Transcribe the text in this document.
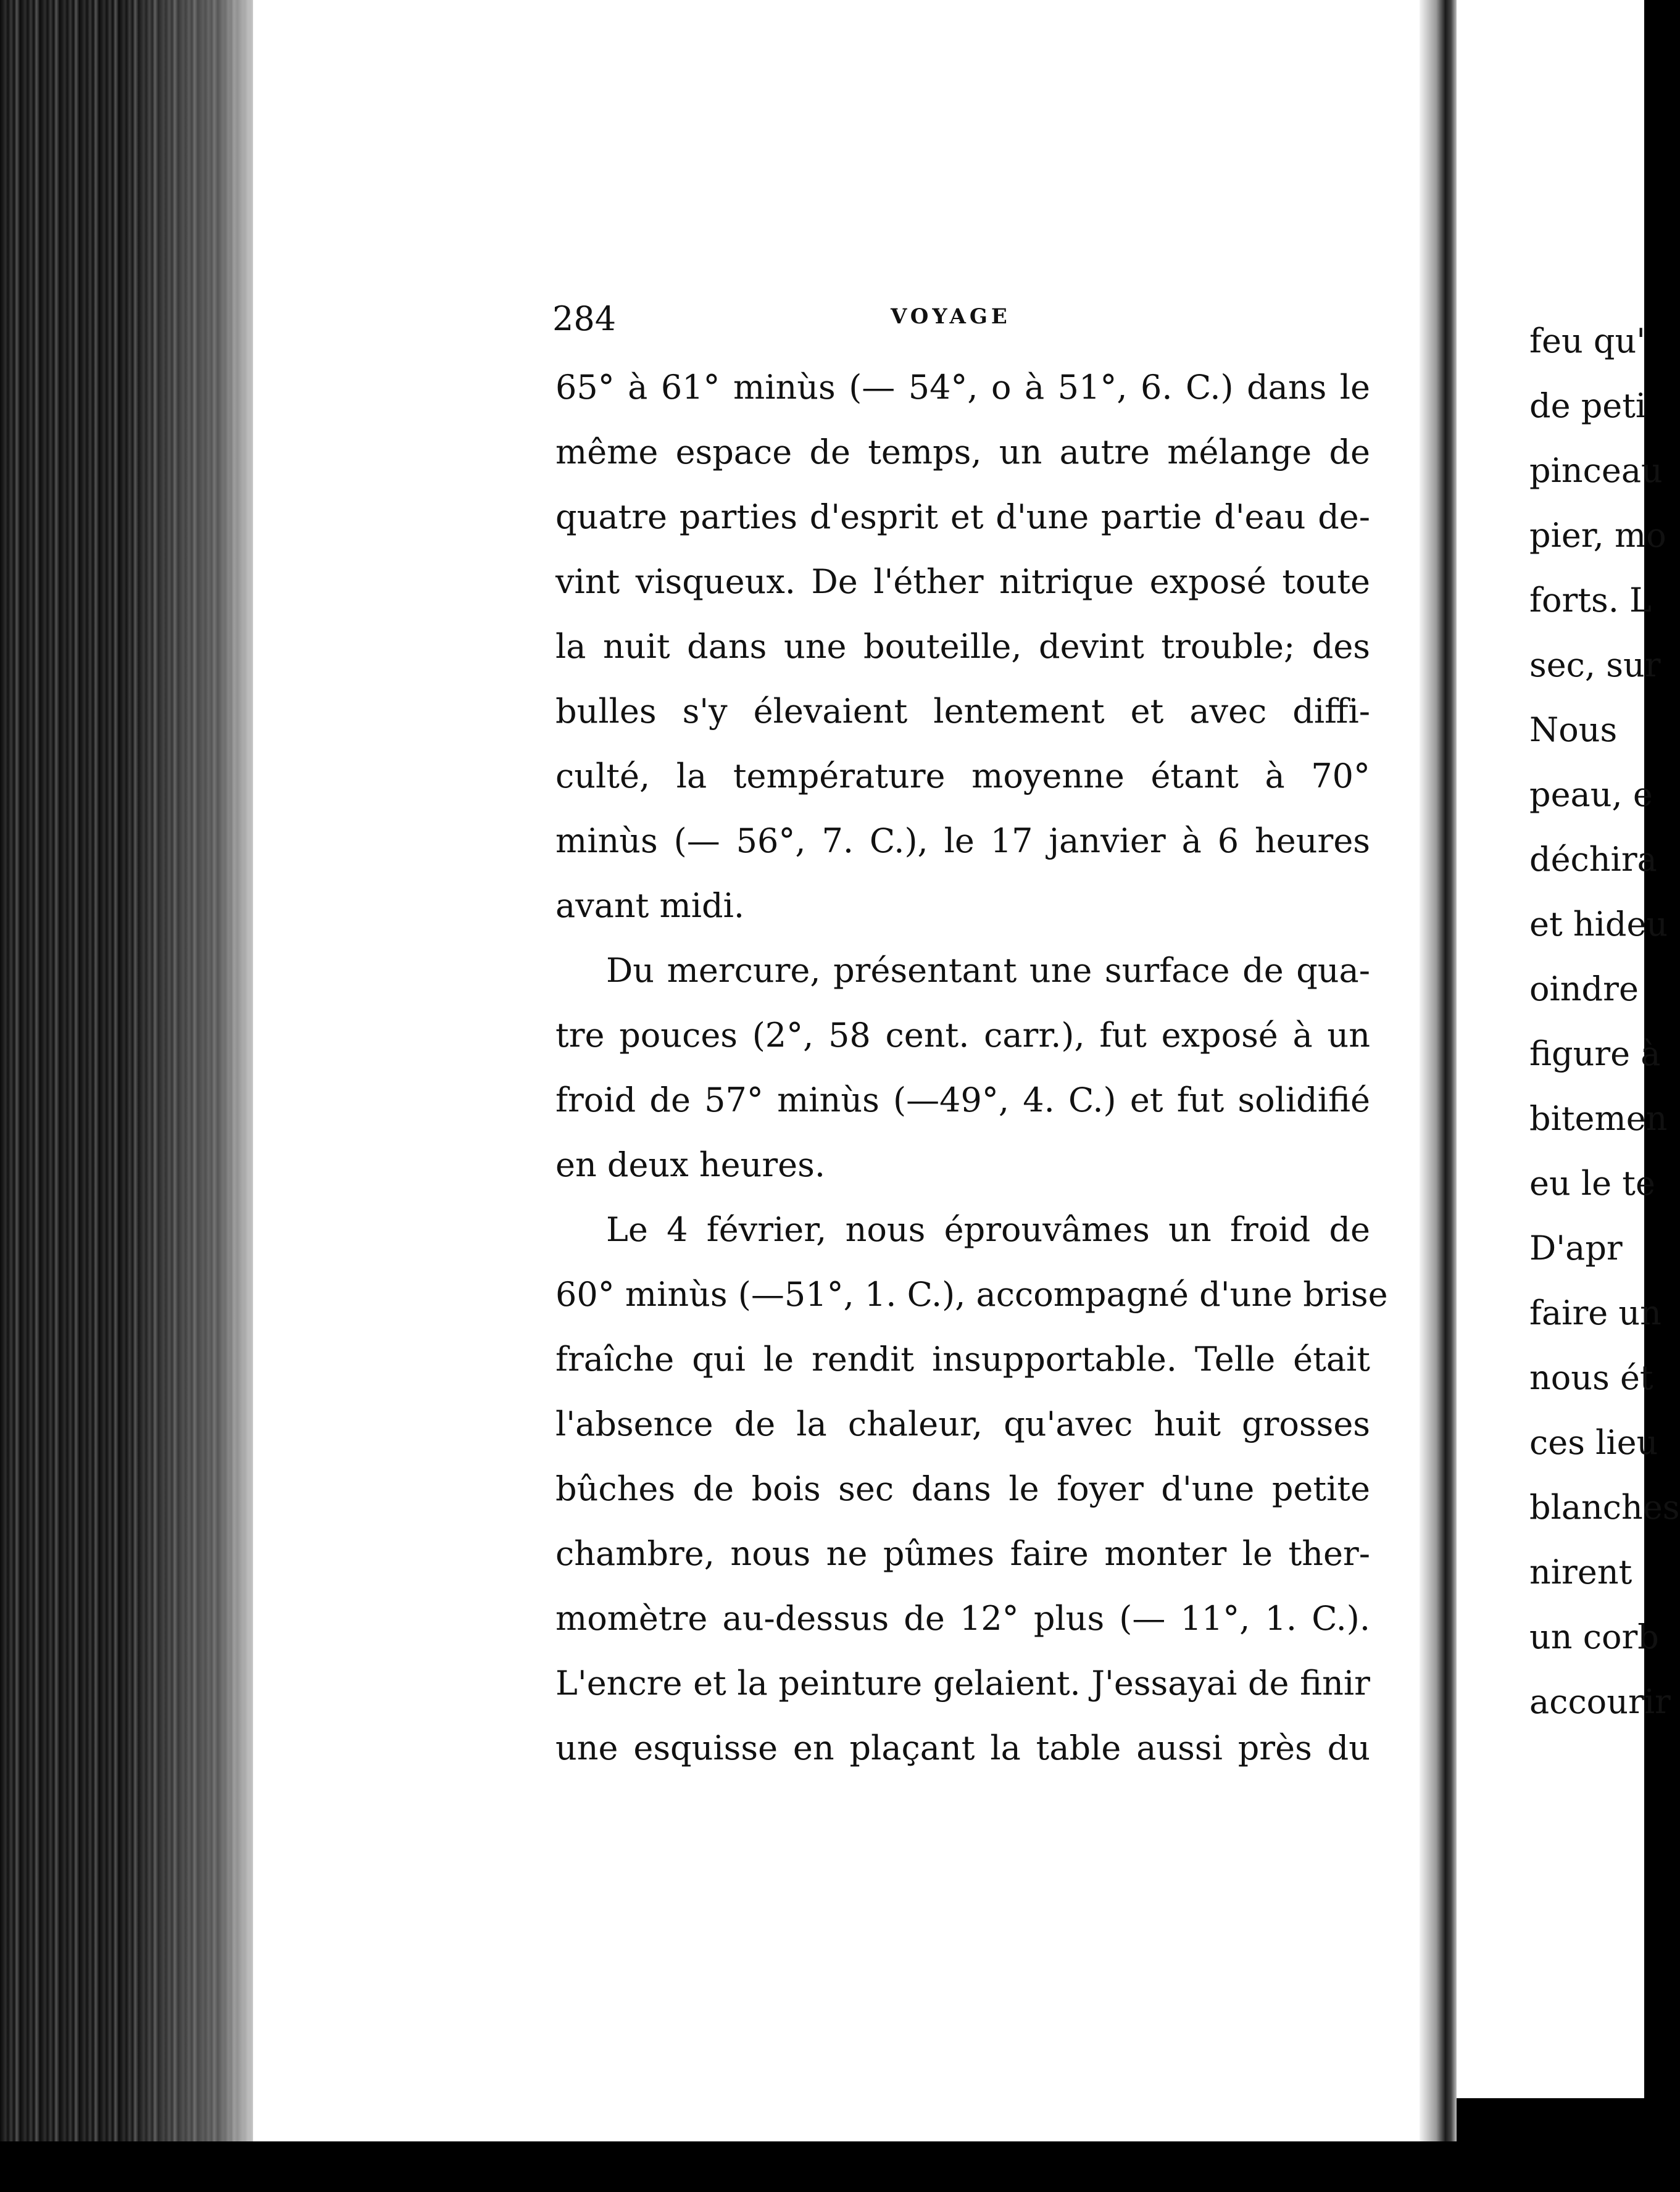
284	VOYAGE
65° à 61° minùs (— 54°, o à 51°, 6. C.) dans le
même espace de temps, un autre mélange de
quatre parties d'esprit et d'une partie d'eau de-
vint visqueux. De l'éther nitrique exposé toute
la nuit dans une bouteille, devint trouble; des
bulles s'y élevaient lentement et avec diffi-
culté, la température moyenne étant à 70°
minùs (— 56°, 7. C.), le 17 janvier à 6 heures
avant midi.
Du mercure, présentant une surface de qua-
tre pouces (2°, 58 cent. carr.), fut exposé à un
froid de 57° minùs (—49°, 4. C.) et fut solidifié
en deux heures.
Le 4 février, nous éprouvâmes un froid de
60° minùs (—51°, 1. C.), accompagné d'une brise
fraîche qui le rendit insupportable. Telle était
l'absence de la chaleur, qu'avec huit grosses
bûches de bois sec dans le foyer d'une petite
chambre, nous ne pûmes faire monter le ther-
momètre au-dessus de 12° plus (— 11°, 1. C.).
L'encre et la peinture gelaient. J'essayai de finir
une esquisse en plaçant la table aussi près du
feu qu'
de peti
pinceau
pier, mo
forts. L
sec, sur
Nous
peau, e
déchira
et hideu
oindre
figure à
bitemen
eu le te
D'apr
faire un
nous ét
ces lieu
blanches
nirent
un corb
accourir
